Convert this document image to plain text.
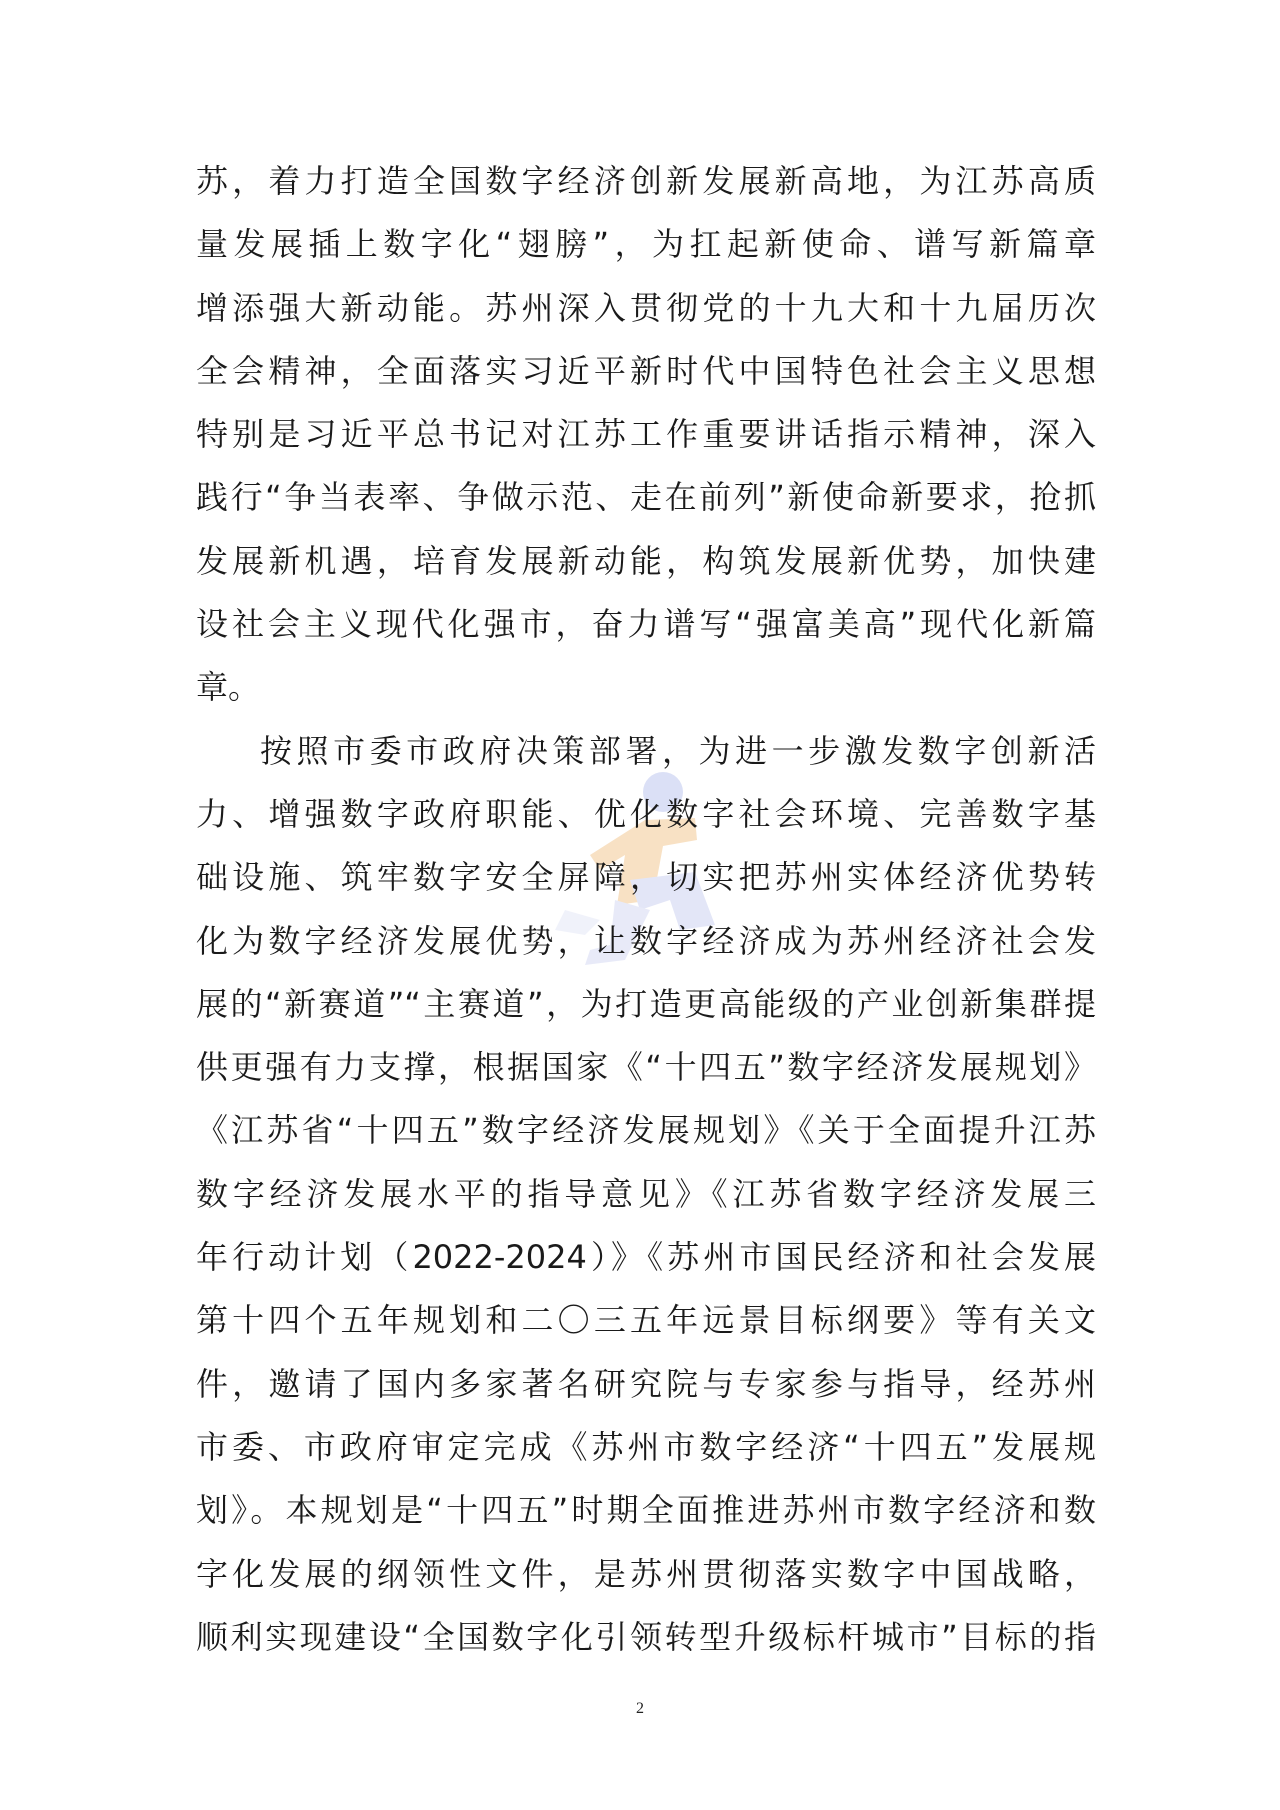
苏，着力打造全国数字经济创新发展新高地，为江苏高质
量发展插上数字化“翅膀”，为扛起新使命、谱写新篇章
增添强大新动能。苏州深入贯彻党的十九大和十九届历次
全会精神，全面落实习近平新时代中国特色社会主义思想
特别是习近平总书记对江苏工作重要讲话指示精神，深入
践行“争当表率、争做示范、走在前列”新使命新要求，抢抓
发展新机遇，培育发展新动能，构筑发展新优势，加快建
设社会主义现代化强市，奋力谱写“强富美高”现代化新篇
章。
按照市委市政府决策部署，为进一步激发数字创新活
力、增强数字政府职能、优化数字社会环境、完善数字基
础设施、筑牢数字安全屏障，切实把苏州实体经济优势转
化为数字经济发展优势，让数字经济成为苏州经济社会发
展的“新赛道”“主赛道”，为打造更高能级的产业创新集群提
供更强有力支撑，根据国家《“十四五”数字经济发展规划》
《江苏省“十四五”数字经济发展规划》《关于全面提升江苏
数字经济发展水平的指导意见》《江苏省数字经济发展三
年行动计划（2022-2024）》《苏州市国民经济和社会发展
第十四个五年规划和二〇三五年远景目标纲要》等有关文
件，邀请了国内多家著名研究院与专家参与指导，经苏州
市委、市政府审定完成《苏州市数字经济“十四五”发展规
划》。本规划是“十四五”时期全面推进苏州市数字经济和数
字化发展的纲领性文件，是苏州贯彻落实数字中国战略，
顺利实现建设“全国数字化引领转型升级标杆城市”目标的指
2
